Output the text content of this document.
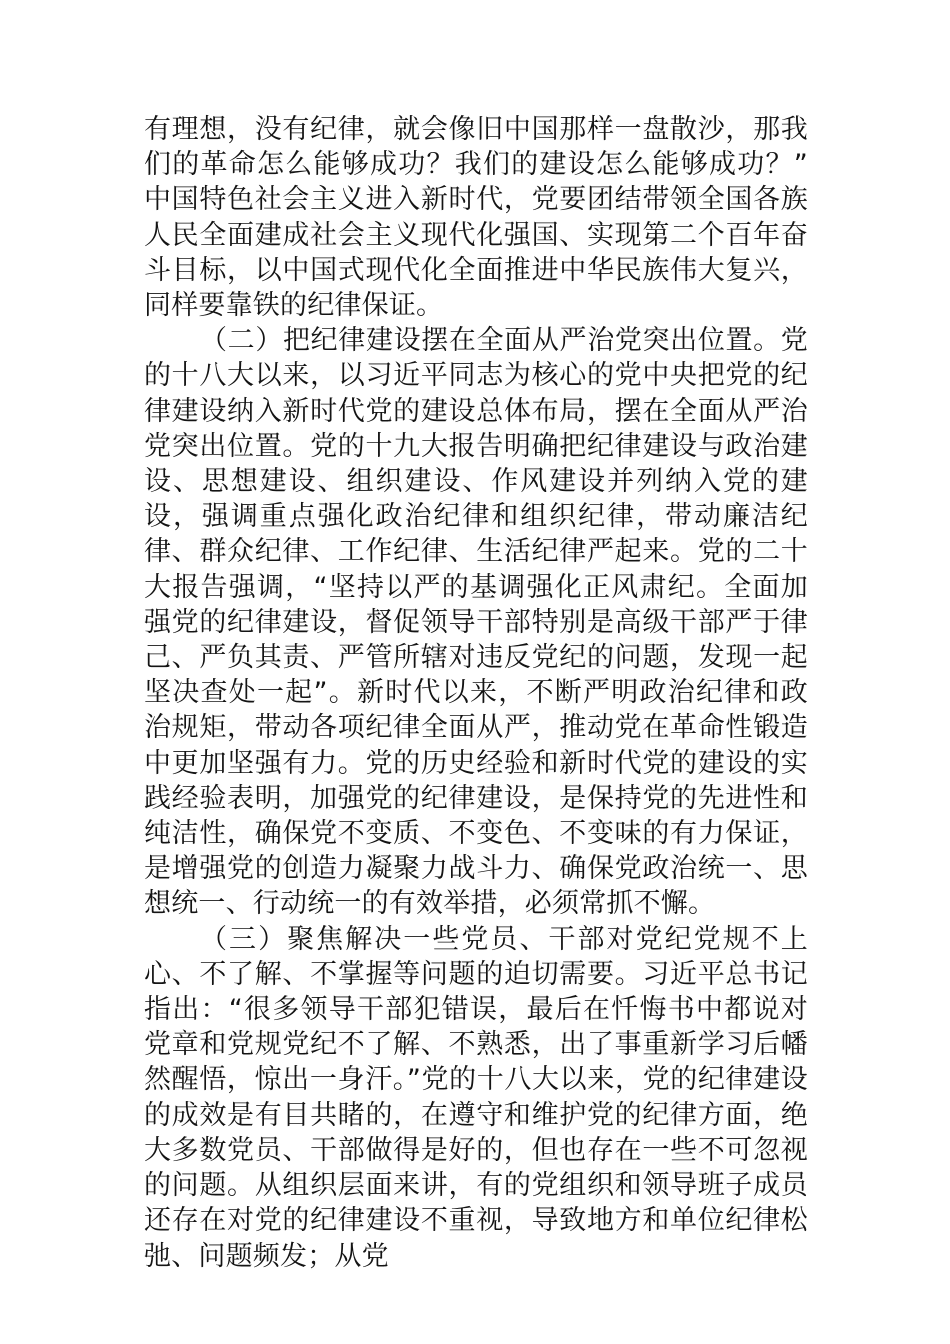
有理想，没有纪律，就会像旧中国那样一盘散沙，那我们的革命怎么能够成功？我们的建设怎么能够成功？” 中国特色社会主义进入新时代，党要团结带领全国各族人民全面建成社会主义现代化强国、实现第二个百年奋斗目标，以中国式现代化全面推进中华民族伟大复兴，同样要靠铁的纪律保证。

（二）把纪律建设摆在全面从严治党突出位置。党的十八大以来，以习近平同志为核心的党中央把党的纪律建设纳入新时代党的建设总体布局，摆在全面从严治党突出位置。党的十九大报告明确把纪律建设与政治建设、思想建设、组织建设、作风建设并列纳入党的建设，强调重点强化政治纪律和组织纪律，带动廉洁纪律、群众纪律、工作纪律、生活纪律严起来。党的二十大报告强调，“坚持以严的基调强化正风肃纪。全面加强党的纪律建设，督促领导干部特别是高级干部严于律己、严负其责、严管所辖对违反党纪的问题，发现一起坚决查处一起”。新时代以来，不断严明政治纪律和政治规矩，带动各项纪律全面从严，推动党在革命性锻造中更加坚强有力。党的历史经验和新时代党的建设的实践经验表明，加强党的纪律建设，是保持党的先进性和纯洁性，确保党不变质、不变色、不变味的有力保证，是增强党的创造力凝聚力战斗力、确保党政治统一、思想统一、行动统一的有效举措，必须常抓不懈。

（三）聚焦解决一些党员、干部对党纪党规不上心、不了解、不掌握等问题的迫切需要。习近平总书记指出：“很多领导干部犯错误，最后在忏悔书中都说对党章和党规党纪不了解、不熟悉，出了事重新学习后幡然醒悟，惊出一身汗。”党的十八大以来，党的纪律建设的成效是有目共睹的，在遵守和维护党的纪律方面，绝大多数党员、干部做得是好的，但也存在一些不可忽视的问题。从组织层面来讲，有的党组织和领导班子成员还存在对党的纪律建设不重视，导致地方和单位纪律松弛、问题频发；从党
